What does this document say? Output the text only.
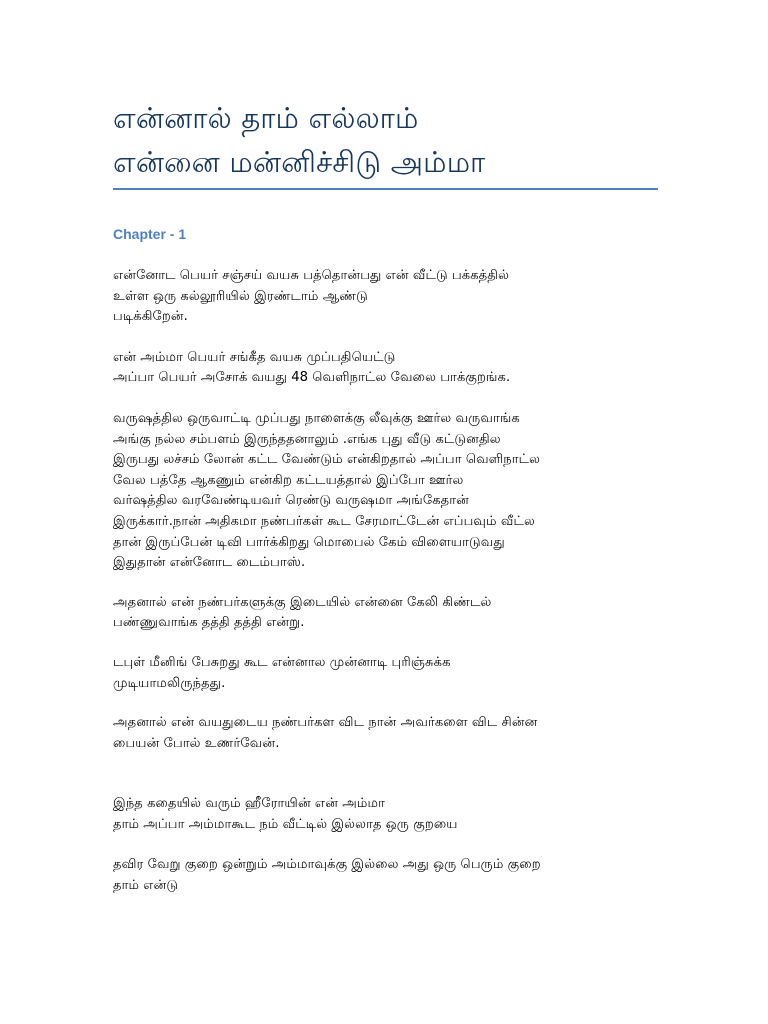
என்னால் தாம் எல்லாம்
என்னை மன்னிச்சிடு அம்மா
Chapter - 1

என்னோட பெயர் சஞ்சய் வயசு பத்தொன்பது என் வீட்டு பக்கத்தில்
உள்ள ஒரு கல்லூரியில் இரண்டாம் ஆண்டு
படிக்கிறேன்.

என் அம்மா பெயர் சங்கீத வயசு முப்பதியெட்டு
அப்பா பெயர் அசோக் வயது 48 வெளிநாட்ல வேலை பாக்குறங்க.

வருஷத்தில ஒருவாட்டி முப்பது நாளைக்கு லீவுக்கு ஊர்ல வருவாங்க
அங்கு நல்ல சம்பளம் இருந்ததனாலும் .எங்க புது வீடு கட்டுனதில
இருபது லச்சம் லோன் கட்ட வேண்டும் என்கிறதால் அப்பா வெளிநாட்ல
வேல பத்தே ஆகணும் என்கிற கட்டயத்தால் இப்போ ஊர்ல
வர்ஷத்தில வரவேண்டியவர் ரெண்டு வருஷமா அங்கேதான்
இருக்கார்.நான் அதிகமா நண்பர்கள் கூட சேரமாட்டேன் எப்பவும் வீட்ல
தான் இருப்பேன் டிவி பார்க்கிறது மொபைல் கேம் விளையாடுவது
இதுதான் என்னோட டைம்பாஸ்.

அதனால் என் நண்பர்களுக்கு இடையில் என்னை கேலி கிண்டல்
பண்ணுவாங்க தத்தி தத்தி என்று.

டபுள் மீனிங் பேசுறது கூட என்னால முன்னாடி புரிஞ்சுக்க
முடியாமலிருந்தது.

அதனால் என் வயதுடைய நண்பர்கள விட நான் அவர்களை விட சின்ன
பையன் போல் உணர்வேன்.

இந்த கதையில் வரும் ஹீரோயின் என் அம்மா
தாம் அப்பா அம்மாகூட நம் வீட்டில் இல்லாத ஒரு குறயை

தவிர வேறு குறை ஒன்றும் அம்மாவுக்கு இல்லை அது ஒரு பெரும் குறை
தாம் என்டு
